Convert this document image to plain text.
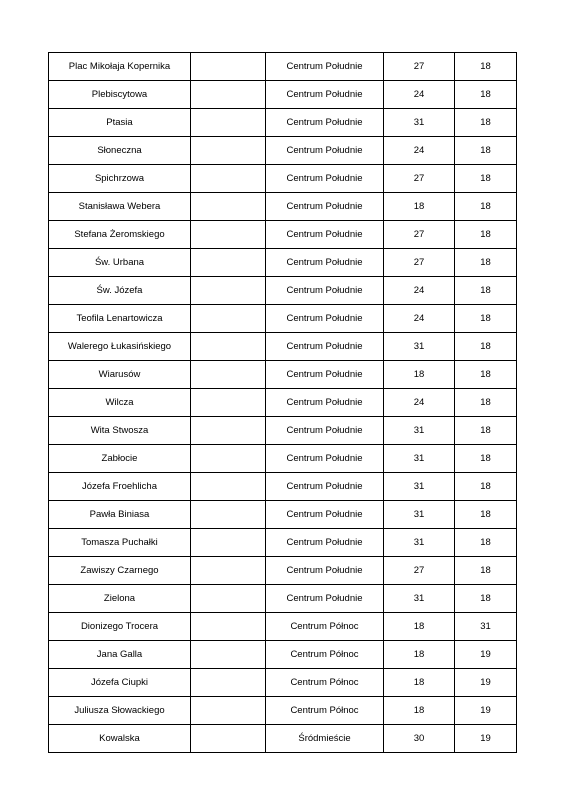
Plac Mikołaja Kopernika		Centrum Południe	27	18
Plebiscytowa		Centrum Południe	24	18
Ptasia		Centrum Południe	31	18
Słoneczna		Centrum Południe	24	18
Spichrzowa		Centrum Południe	27	18
Stanisława Webera		Centrum Południe	18	18
Stefana Żeromskiego		Centrum Południe	27	18
Św. Urbana		Centrum Południe	27	18
Św. Józefa		Centrum Południe	24	18
Teofila Lenartowicza		Centrum Południe	24	18
Walerego Łukasińskiego		Centrum Południe	31	18
Wiarusów		Centrum Południe	18	18
Wilcza		Centrum Południe	24	18
Wita Stwosza		Centrum Południe	31	18
Zabłocie		Centrum Południe	31	18
Józefa Froehlicha		Centrum Południe	31	18
Pawła Biniasa		Centrum Południe	31	18
Tomasza Puchałki		Centrum Południe	31	18
Zawiszy Czarnego		Centrum Południe	27	18
Zielona		Centrum Południe	31	18
Dionizego Trocera		Centrum Północ	18	31
Jana Galla		Centrum Północ	18	19
Józefa Ciupki		Centrum Północ	18	19
Juliusza Słowackiego		Centrum Północ	18	19
Kowalska		Śródmieście	30	19
